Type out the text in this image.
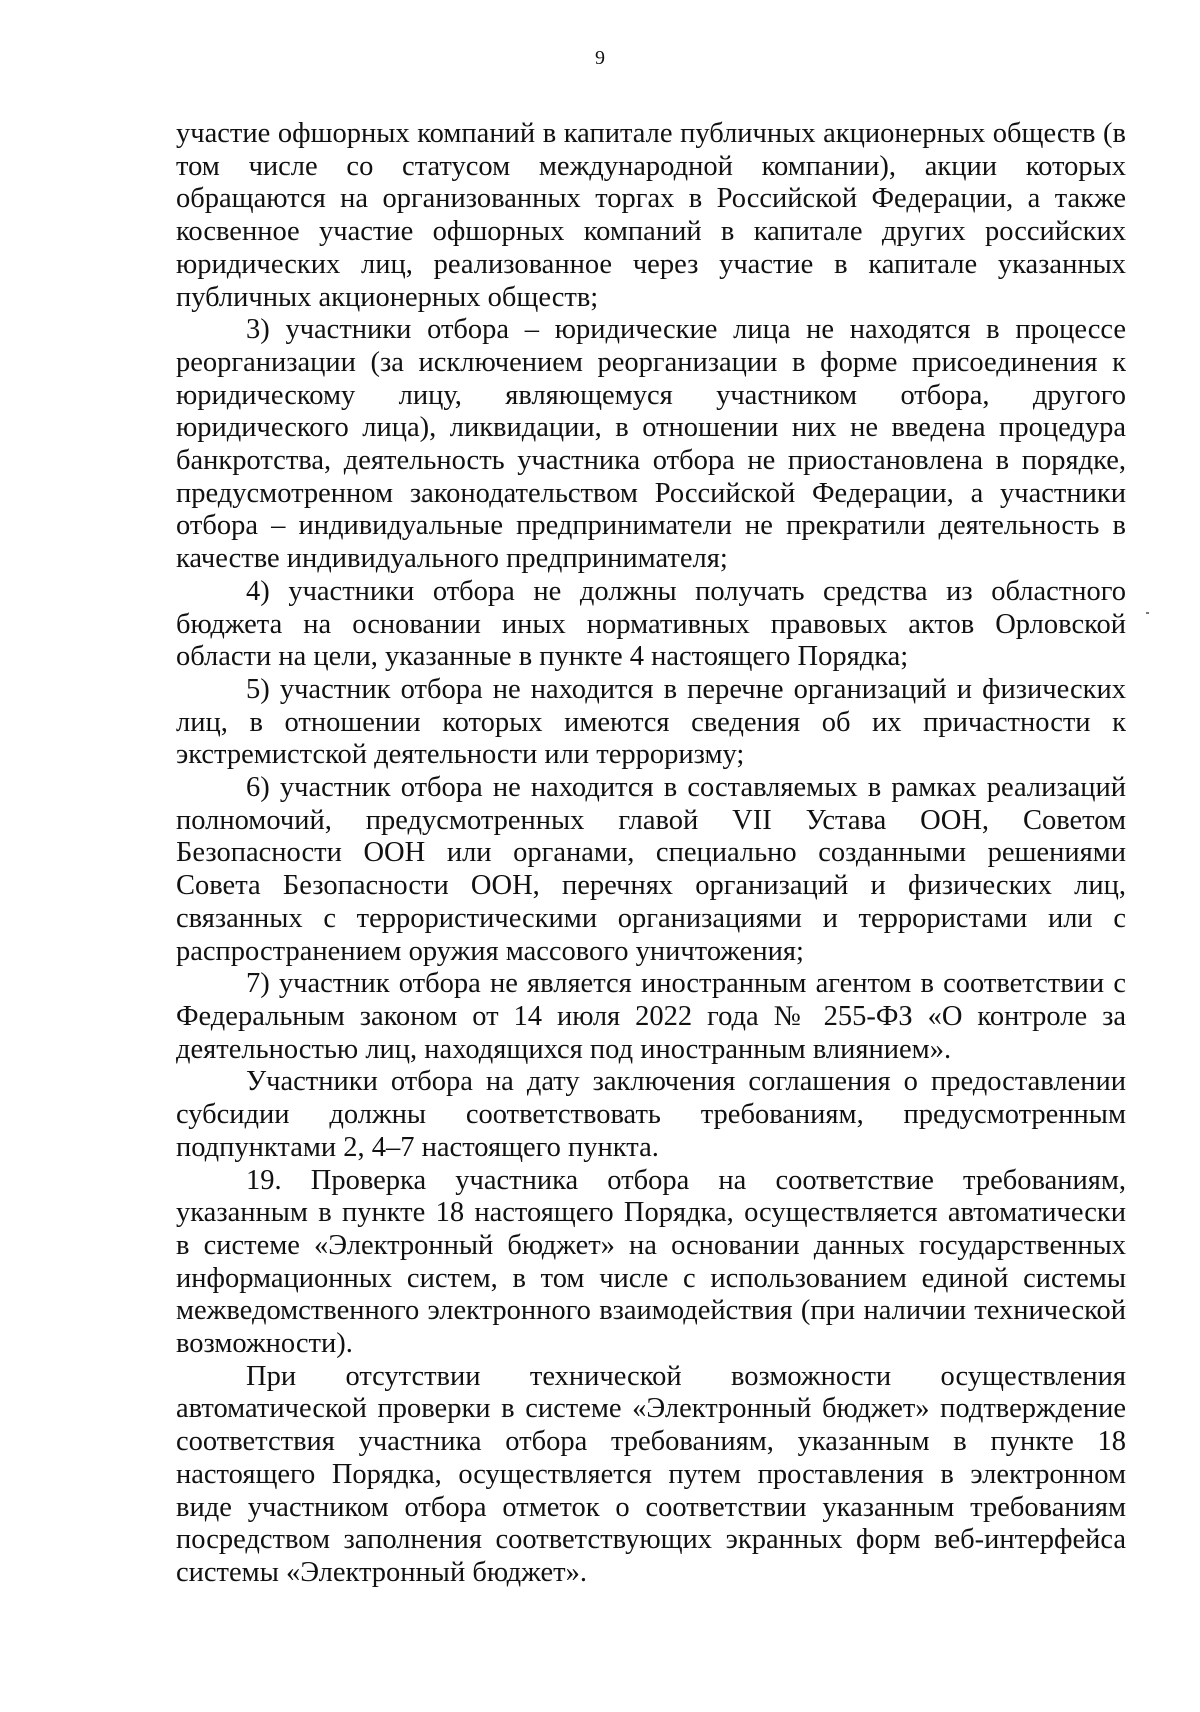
9
участие офшорных компаний в капитале публичных акционерных обществ (в
том числе со статусом международной компании), акции которых
обращаются на организованных торгах в Российской Федерации, а также
косвенное участие офшорных компаний в капитале других российских
юридических лиц, реализованное через участие в капитале указанных
публичных акционерных обществ;
3) участники отбора – юридические лица не находятся в процессе
реорганизации (за исключением реорганизации в форме присоединения к
юридическому лицу, являющемуся участником отбора, другого
юридического лица), ликвидации, в отношении них не введена процедура
банкротства, деятельность участника отбора не приостановлена в порядке,
предусмотренном законодательством Российской Федерации, а участники
отбора – индивидуальные предприниматели не прекратили деятельность в
качестве индивидуального предпринимателя;
4) участники отбора не должны получать средства из областного
бюджета на основании иных нормативных правовых актов Орловской
области на цели, указанные в пункте 4 настоящего Порядка;
5) участник отбора не находится в перечне организаций и физических
лиц, в отношении которых имеются сведения об их причастности к
экстремистской деятельности или терроризму;
6) участник отбора не находится в составляемых в рамках реализаций
полномочий, предусмотренных главой VII Устава ООН, Советом
Безопасности ООН или органами, специально созданными решениями
Совета Безопасности ООН, перечнях организаций и физических лиц,
связанных с террористическими организациями и террористами или с
распространением оружия массового уничтожения;
7) участник отбора не является иностранным агентом в соответствии с
Федеральным законом от 14 июля 2022 года № 255-ФЗ «О контроле за
деятельностью лиц, находящихся под иностранным влиянием».
Участники отбора на дату заключения соглашения о предоставлении
субсидии должны соответствовать требованиям, предусмотренным
подпунктами 2, 4–7 настоящего пункта.
19. Проверка участника отбора на соответствие требованиям,
указанным в пункте 18 настоящего Порядка, осуществляется автоматически
в системе «Электронный бюджет» на основании данных государственных
информационных систем, в том числе с использованием единой системы
межведомственного электронного взаимодействия (при наличии технической
возможности).
При отсутствии технической возможности осуществления
автоматической проверки в системе «Электронный бюджет» подтверждение
соответствия участника отбора требованиям, указанным в пункте 18
настоящего Порядка, осуществляется путем проставления в электронном
виде участником отбора отметок о соответствии указанным требованиям
посредством заполнения соответствующих экранных форм веб-интерфейса
системы «Электронный бюджет».
